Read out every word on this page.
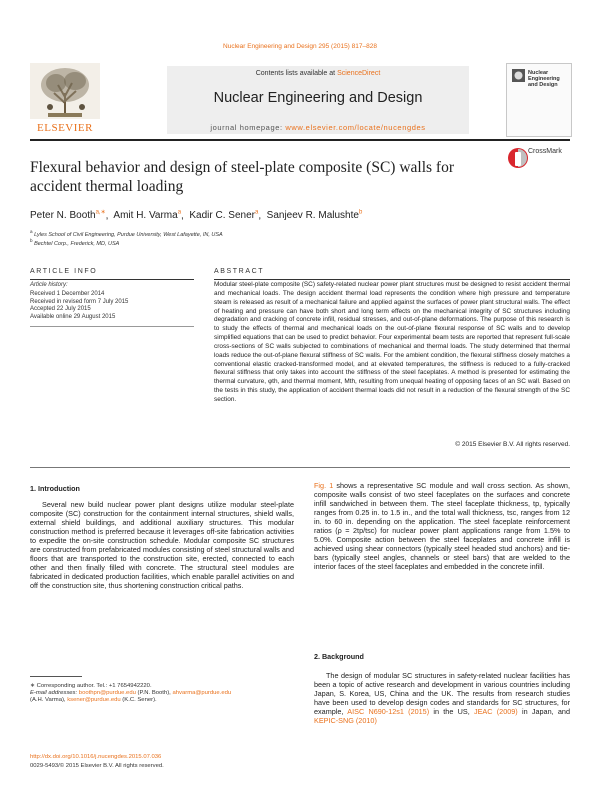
Nuclear Engineering and Design 295 (2015) 817–828
Contents lists available at ScienceDirect
Nuclear Engineering and Design
journal homepage: www.elsevier.com/locate/nucengdes
ELSEVIER
Nuclear Engineering and Design
Flexural behavior and design of steel-plate composite (SC) walls for accident thermal loading
CrossMark
Peter N. Booth$^{a,∗}$,  Amit H. Varma$^a$,  Kadir C. Sener$^a$,  Sanjeev R. Malushte$^b$
$^a$ Lyles School of Civil Engineering, Purdue University, West Lafayette, IN, USA
$^b$ Bechtel Corp., Frederick, MD, USA
ARTICLE INFO	ABSTRACT
Article history:
Received 1 December 2014
Received in revised form 7 July 2015
Accepted 22 July 2015
Available online 29 August 2015
Modular steel-plate composite (SC) safety-related nuclear power plant structures must be designed to resist accident thermal and mechanical loads. The design accident thermal load represents the condition where high pressure and temperature steam is released as result of a mechanical failure and applied against the surfaces of power plant structural walls. The effect of heating and pressure can have both short and long term effects on the mechanical integrity of SC structures including degradation and cracking of concrete infill, residual stresses, and out-of-plane deformations. The purpose of this research is to study the effects of thermal and mechanical loads on the out-of-plane flexural response of SC walls and to develop simplified equations that can be used to predict behavior. Four experimental beam tests are reported that represent full-scale cross-sections of SC walls subjected to combinations of mechanical and thermal loads. The study determined that thermal loads reduce the out-of-plane flexural stiffness of SC walls. For the ambient condition, the flexural stiffness closely matches a conventional elastic cracked-transformed model, and at elevated temperatures, the stiffness is reduced to a fully-cracked flexural stiffness that only takes into account the stiffness of the steel faceplates. A method is presented for estimating the thermal curvature, φth, and thermal moment, Mth, resulting from unequal heating of opposing faces of an SC wall. Based on the tests in this study, the application of accident thermal loads did not result in a reduction of the flexural strength of the SC section.
© 2015 Elsevier B.V. All rights reserved.
1. Introduction
Several new build nuclear power plant designs utilize modular steel-plate composite (SC) construction for the containment internal structures, shield walls, external shield buildings, and additional auxiliary structures. This modular construction method is preferred because it leverages off-site fabrication activities to expedite the on-site construction schedule. Modular composite SC structures are constructed from prefabricated modules consisting of steel structural walls and floors that are transported to the construction site, erected, connected to each other and then finally filled with concrete. The structural steel modules are fabricated in dedicated production facilities, which enable parallel activities on and off the construction site, thus shortening construction critical paths.
∗ Corresponding author. Tel.: +1 7654942220.
E-mail addresses: boothpn@purdue.edu (P.N. Booth), ahvarma@purdue.edu
(A.H. Varma), ksener@purdue.edu (K.C. Sener).
http://dx.doi.org/10.1016/j.nucengdes.2015.07.036
0029-5493/© 2015 Elsevier B.V. All rights reserved.
Fig. 1 shows a representative SC module and wall cross section. As shown, composite walls consist of two steel faceplates on the surfaces and concrete infill sandwiched in between them. The steel faceplate thickness, tp, typically ranges from 0.25 in. to 1.5 in., and the total wall thickness, tsc, ranges from 12 in. to 60 in. depending on the application. The steel faceplate reinforcement ratios (ρ = 2tp/tsc) for nuclear power plant applications range from 1.5% to 5.0%. Composite action between the steel faceplates and concrete infill is achieved using shear connectors (typically steel headed stud anchors) and tie-bars (typically steel angles, channels or steel bars) that are welded to the interior faces of the steel faceplates and embedded in the concrete infill.
2. Background
The design of modular SC structures in safety-related nuclear facilities has been a topic of active research and development in various countries including Japan, S. Korea, US, China and the UK. The results from research studies have been used to develop design codes and standards for SC structures, for example, AISC N690-12s1 (2015) in the US, JEAC (2009) in Japan, and KEPIC-SNG (2010)
